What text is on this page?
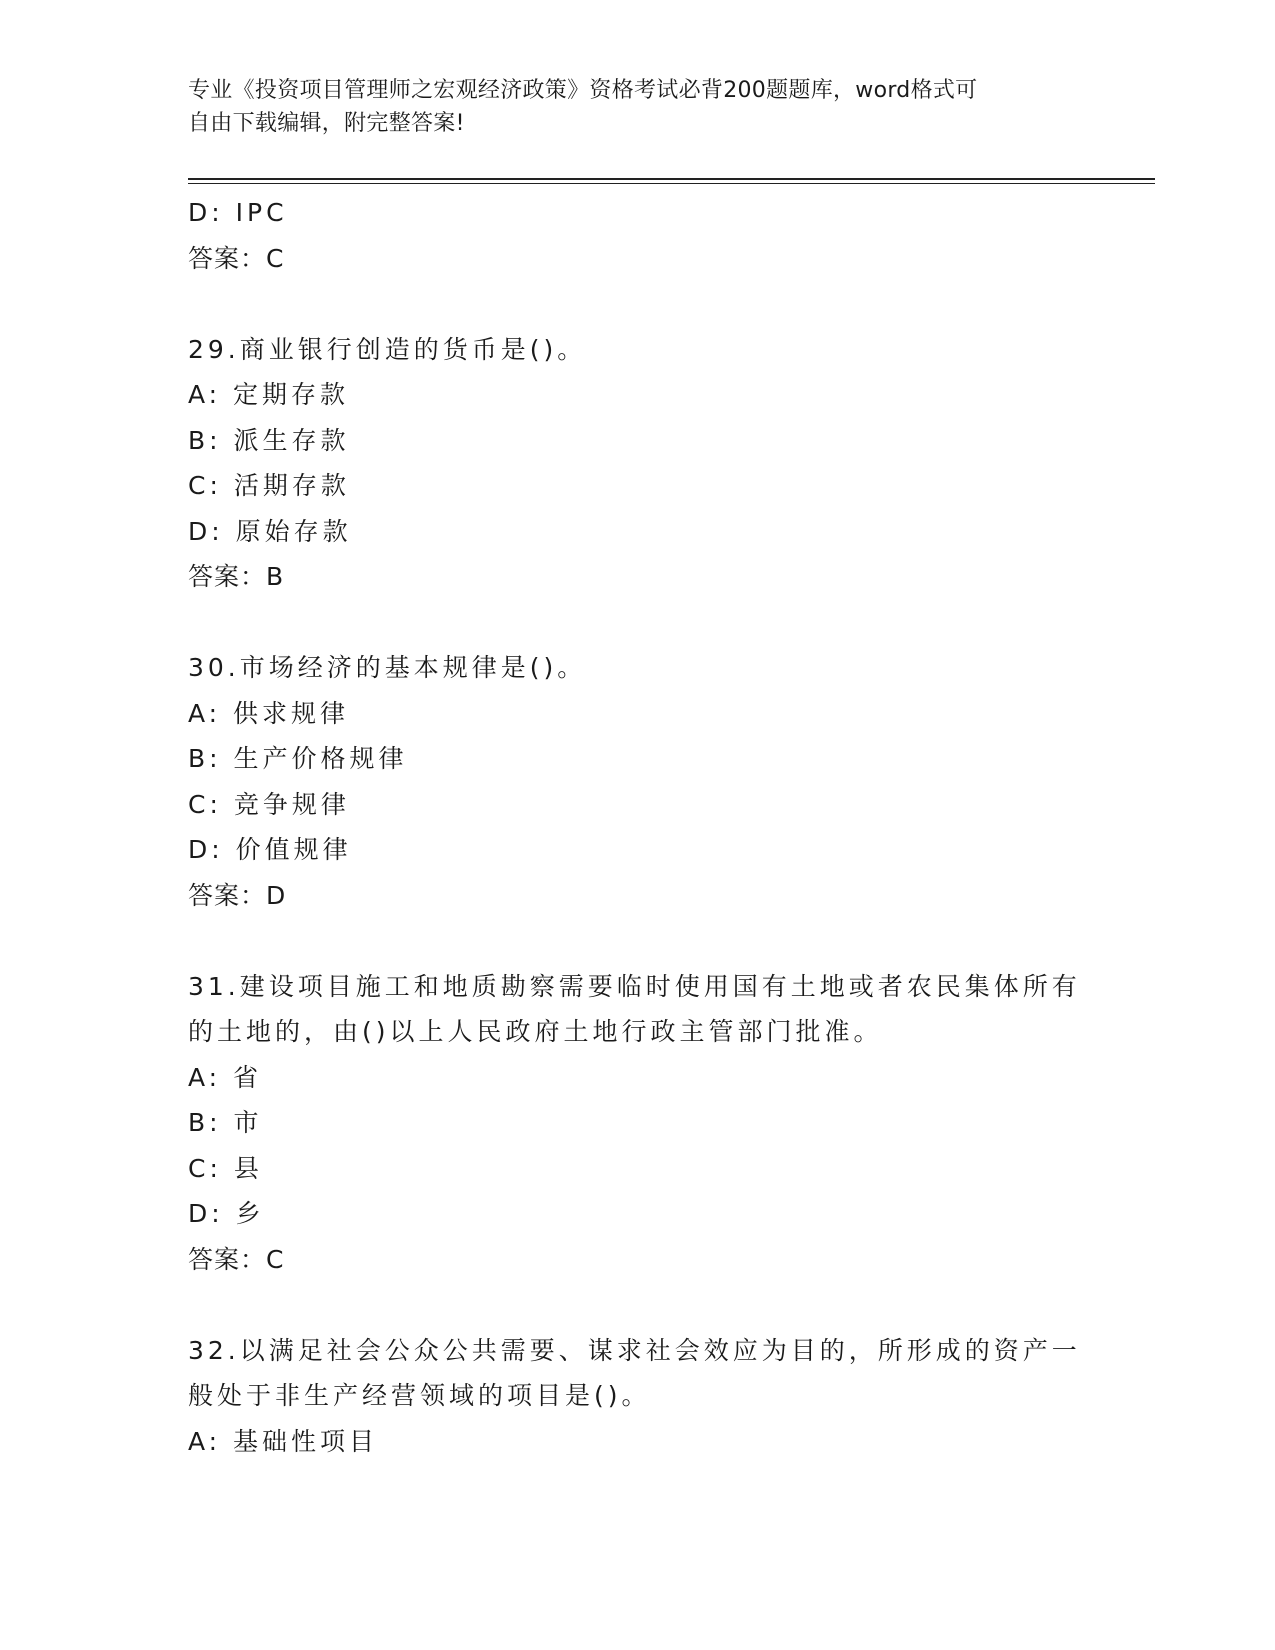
专业《投资项目管理师之宏观经济政策》资格考试必背200题题库，word格式可
自由下载编辑，附完整答案!
D: IPC
答案：C
29.商业银行创造的货币是()。
A: 定期存款
B: 派生存款
C: 活期存款
D: 原始存款
答案：B
30.市场经济的基本规律是()。
A: 供求规律
B: 生产价格规律
C: 竞争规律
D: 价值规律
答案：D
31.建设项目施工和地质勘察需要临时使用国有土地或者农民集体所有
的土地的，由()以上人民政府土地行政主管部门批准。
A: 省
B: 市
C: 县
D: 乡
答案：C
32.以满足社会公众公共需要、谋求社会效应为目的，所形成的资产一
般处于非生产经营领域的项目是()。
A: 基础性项目
